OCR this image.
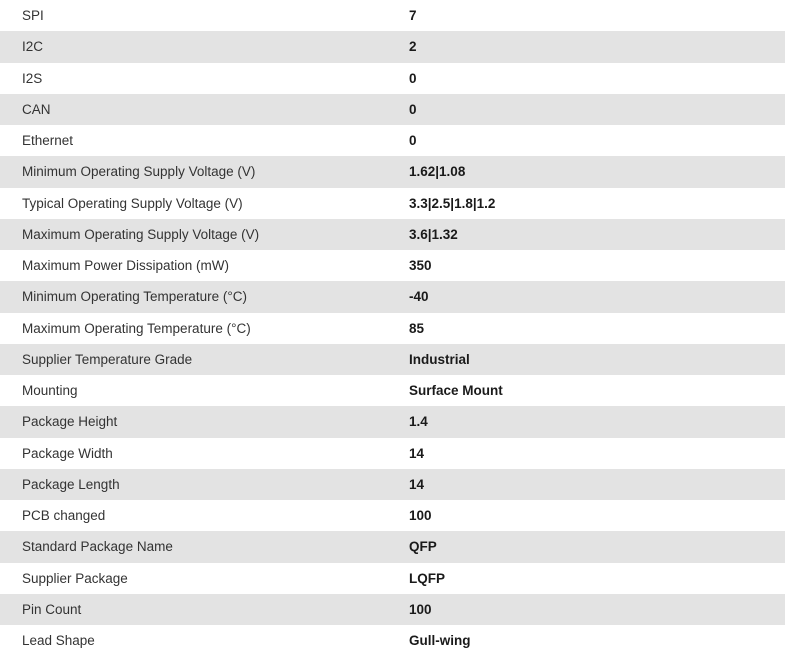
SPI	7
I2C	2
I2S	0
CAN	0
Ethernet	0
Minimum Operating Supply Voltage (V)	1.62|1.08
Typical Operating Supply Voltage (V)	3.3|2.5|1.8|1.2
Maximum Operating Supply Voltage (V)	3.6|1.32
Maximum Power Dissipation (mW)	350
Minimum Operating Temperature (°C)	-40
Maximum Operating Temperature (°C)	85
Supplier Temperature Grade	Industrial
Mounting	Surface Mount
Package Height	1.4
Package Width	14
Package Length	14
PCB changed	100
Standard Package Name	QFP
Supplier Package	LQFP
Pin Count	100
Lead Shape	Gull-wing
